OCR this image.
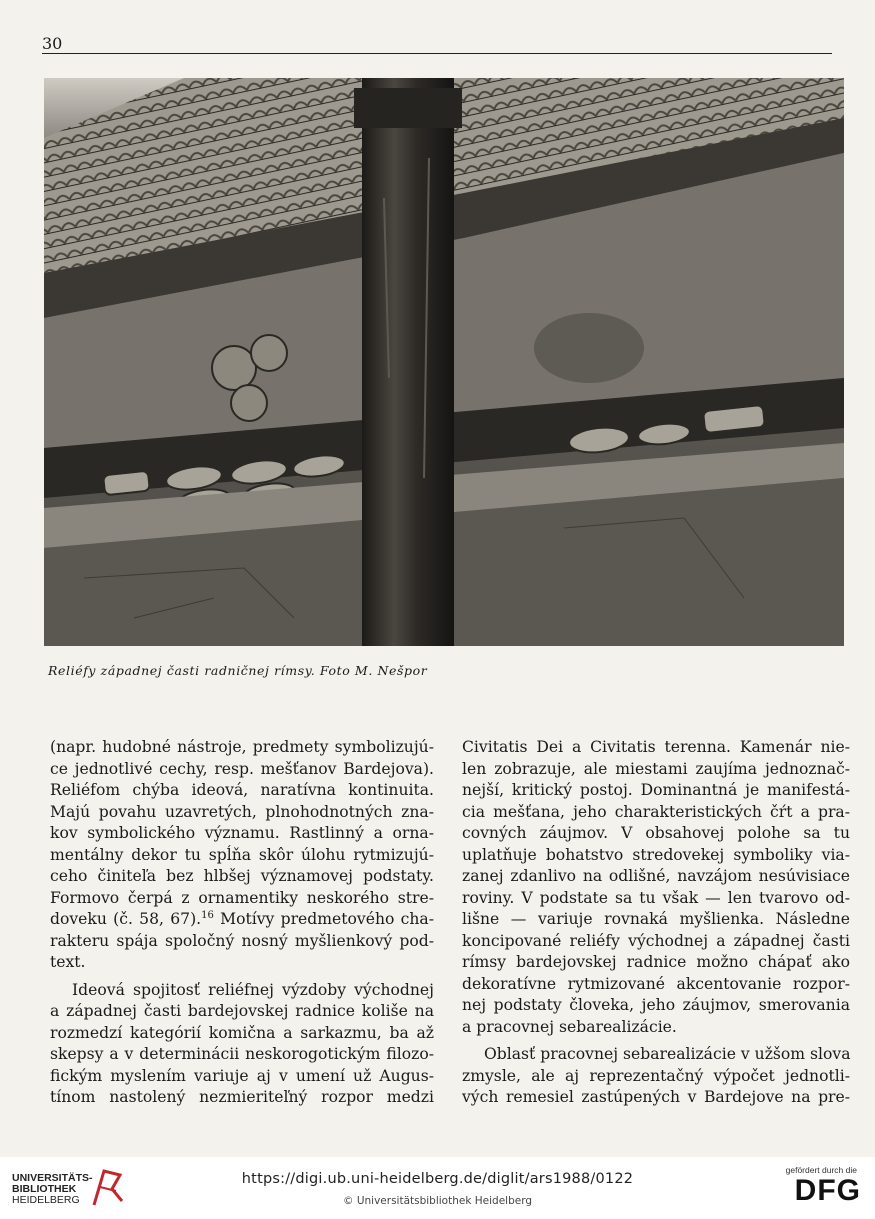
30
Reliéfy západnej časti radničnej rímsy. Foto M. Nešpor

(napr. hudobné nástroje, predmety symbolizujú-
ce jednotlivé cechy, resp. mešťanov Bardejova).
Reliéfom chýba ideová, naratívna kontinuita.
Majú povahu uzavretých, plnohodnotných zna-
kov symbolického významu. Rastlinný a orna-
mentálny dekor tu spĺňa skôr úlohu rytmizujú-
ceho činiteľa bez hlbšej významovej podstaty.
Formovo čerpá z ornamentiky neskorého stre-
doveku (č. 58, 67).$^{16}$ Motívy predmetového cha-
rakteru spája spoločný nosný myšlienkový pod-
text.

Ideová spojitosť reliéfnej výzdoby východnej
a západnej časti bardejovskej radnice koliše na
rozmedzí kategórií komična a sarkazmu, ba až
skepsy a v determinácii neskorogotickým filozo-
fickým myslením variuje aj v umení už Augus-
tínom nastolený nezmieriteľný rozpor medzi

Civitatis Dei a Civitatis terenna. Kamenár nie-
len zobrazuje, ale miestami zaujíma jednoznač-
nejší, kritický postoj. Dominantná je manifestá-
cia mešťana, jeho charakteristických čŕt a pra-
covných záujmov. V obsahovej polohe sa tu
uplatňuje bohatstvo stredovekej symboliky via-
zanej zdanlivo na odlišné, navzájom nesúvisiace
roviny. V podstate sa tu však — len tvarovo od-
lišne — variuje rovnaká myšlienka. Následne
koncipované reliéfy východnej a západnej časti
rímsy bardejovskej radnice možno chápať ako
dekoratívne rytmizované akcentovanie rozpor-
nej podstaty človeka, jeho záujmov, smerovania
a pracovnej sebarealizácie.

Oblasť pracovnej sebarealizácie v užšom slova
zmysle, ale aj reprezentačný výpočet jednotli-
vých remesiel zastúpených v Bardejove na pre-

UNIVERSITÄTS-
BIBLIOTHEK
HEIDELBERG
https://digi.ub.uni-heidelberg.de/diglit/ars1988/0122
© Universitätsbibliothek Heidelberg
gefördert durch die
DFG
